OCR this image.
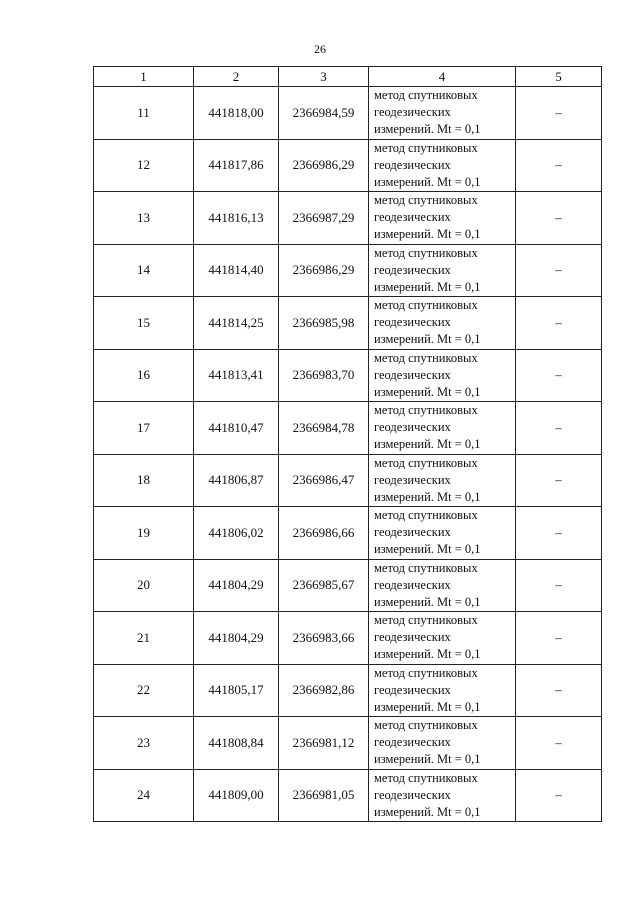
26
1	2	3	4	5
11	441818,00	2366984,59	метод спутниковых
геодезических
измерений. Mt = 0,1	–
12	441817,86	2366986,29	метод спутниковых
геодезических
измерений. Mt = 0,1	–
13	441816,13	2366987,29	метод спутниковых
геодезических
измерений. Mt = 0,1	–
14	441814,40	2366986,29	метод спутниковых
геодезических
измерений. Mt = 0,1	–
15	441814,25	2366985,98	метод спутниковых
геодезических
измерений. Mt = 0,1	–
16	441813,41	2366983,70	метод спутниковых
геодезических
измерений. Mt = 0,1	–
17	441810,47	2366984,78	метод спутниковых
геодезических
измерений. Mt = 0,1	–
18	441806,87	2366986,47	метод спутниковых
геодезических
измерений. Mt = 0,1	–
19	441806,02	2366986,66	метод спутниковых
геодезических
измерений. Mt = 0,1	–
20	441804,29	2366985,67	метод спутниковых
геодезических
измерений. Mt = 0,1	–
21	441804,29	2366983,66	метод спутниковых
геодезических
измерений. Mt = 0,1	–
22	441805,17	2366982,86	метод спутниковых
геодезических
измерений. Mt = 0,1	–
23	441808,84	2366981,12	метод спутниковых
геодезических
измерений. Mt = 0,1	–
24	441809,00	2366981,05	метод спутниковых
геодезических
измерений. Mt = 0,1	–
